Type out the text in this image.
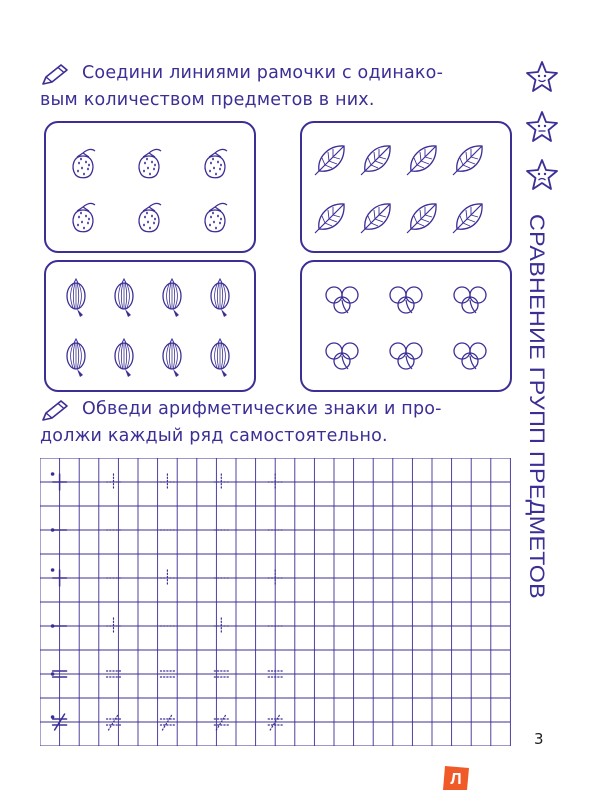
Соедини линиями рамочки с одинако-

вым количеством предметов в них.

Обведи арифметические знаки и про-

должи каждый ряд самостоятельно.	СРАВНЕНИЕ ГРУПП ПРЕДМЕТОВ
3
Л
